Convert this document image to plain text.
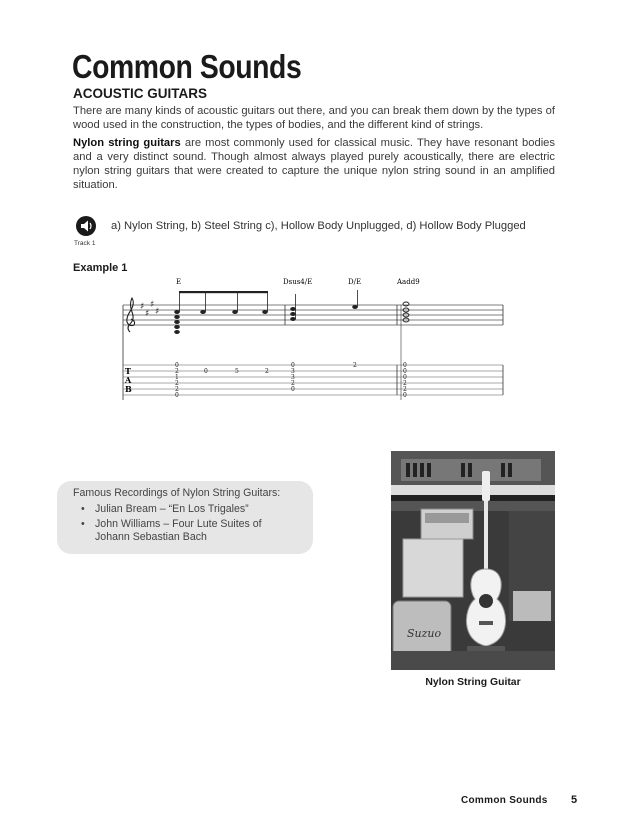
Common Sounds
ACOUSTIC GUITARS

There are many kinds of acoustic guitars out there, and you can break them down by the types of wood used in the construction, the types of bodies, and the different kind of strings.

Nylon string guitars are most commonly used for classical music. They have resonant bodies and a very distinct sound. Though almost always played purely acoustically, there are electric nylon string guitars that were created to capture the unique nylon string sound in an amplified situation.

Track 1
a) Nylon String, b) Steel String c), Hollow Body Unplugged, d) Hollow Body Plugged
Example 1
E	Dsus4/E	D/E	Aadd9
♯
♯
♯
♯
T
A
B
0
2
1
2
2
0
0	5	2
0
3
3
2
0
2	0
0
0
2
2
0
Famous Recordings of Nylon String Guitars:
• Julian Bream – “En Los Trigales”
• John Williams – Four Lute Suites of
Johann Sebastian Bach
Suzuo
Nylon String Guitar
Common Sounds 5
